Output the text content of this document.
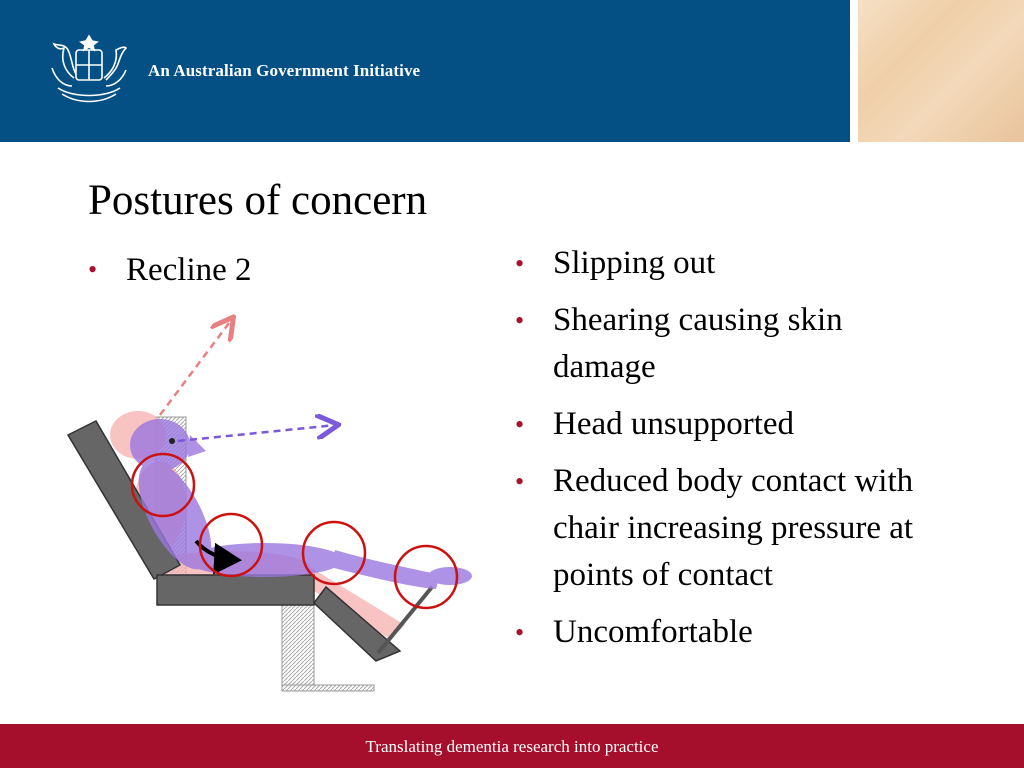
An Australian Government Initiative
Postures of concern
• Recline 2	• Slipping out
• Shearing causing skin damage
• Head unsupported
• Reduced body contact with chair increasing pressure at points of contact
• Uncomfortable
Translating dementia research into practice
